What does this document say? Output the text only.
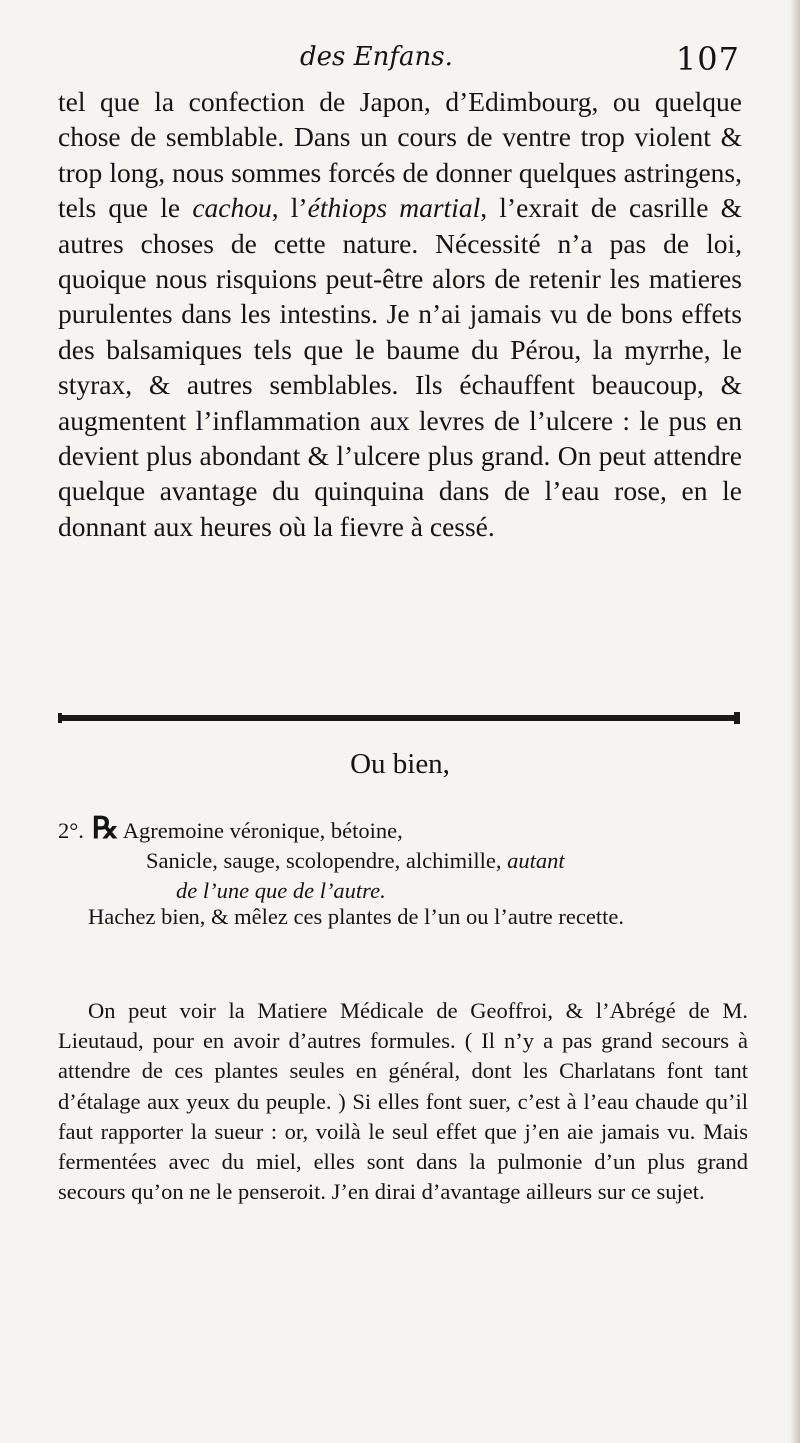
des Enfans.	107

tel que la confection de Japon, d’Edimbourg, ou quelque chose de semblable. Dans un cours de ventre trop violent & trop long, nous sommes forcés de donner quelques astringens, tels que le cachou, l’éthiops martial, l’exrait de casrille & autres choses de cette nature. Nécessité n’a pas de loi, quoique nous risquions peut-être alors de retenir les matieres purulentes dans les intestins. Je n’ai jamais vu de bons effets des balsamiques tels que le baume du Pérou, la myrrhe, le styrax, & autres semblables. Ils échauffent beaucoup, & augmentent l’inflammation aux levres de l’ulcere : le pus en devient plus abondant & l’ulcere plus grand. On peut attendre quelque avantage du quinquina dans de l’eau rose, en le donnant aux heures où la fievre à cessé.

Ou bien,
2°. ℞ Agremoine véronique, bétoine,
Sanicle, sauge, scolopendre, alchimille, autant
de l’une que de l’autre.

Hachez bien, & mêlez ces plantes de l’un ou l’autre recette.

On peut voir la Matiere Médicale de Geoffroi, & l’Abrégé de M. Lieutaud, pour en avoir d’autres formules. ( Il n’y a pas grand secours à attendre de ces plantes seules en général, dont les Charlatans font tant d’étalage aux yeux du peuple. ) Si elles font suer, c’est à l’eau chaude qu’il faut rapporter la sueur : or, voilà le seul effet que j’en aie jamais vu. Mais fermentées avec du miel, elles sont dans la pulmonie d’un plus grand secours qu’on ne le penseroit. J’en dirai d’avantage ailleurs sur ce sujet.
